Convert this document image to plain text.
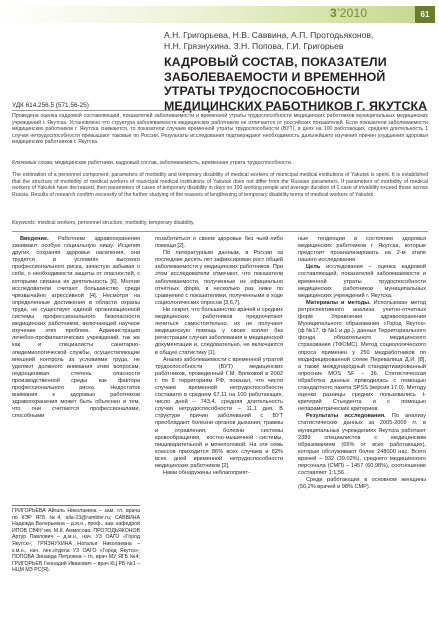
3’2010	61
А.Н. Григорьева, Н.В. Саввина, А.П. Протодьяконов,
Н.Н. Грязнухина, З.Н. Попова, Г.И. Григорьев
КАДРОВЫЙ СОСТАВ, ПОКАЗАТЕЛИ ЗАБОЛЕВАЕМОСТИ И ВРЕМЕННОЙ УТРАТЫ ТРУДОСПОСОБНОСТИ МЕДИЦИНСКИХ РАБОТНИКОВ Г. ЯКУТСКА
УДК 614.256.5 (571.56-25)
Проведена оценка кадровой составляющей, показателей заболеваемости и временной утраты трудоспособности медицинских работников муниципальных медицинских учреждений г. Якутска. Установлено что структура заболеваемости медицинских работников не отличается от российских показателей. Если показатели заболеваемости медицинских работников г. Якутска снижаются, то показатели случаев временной утраты трудоспособности (ВУТ), в днях на 100 работающих, средняя длительность 1 случая нетрудоспособности превышают таковые по России. Результаты исследования подтверждают необходимость дальнейшего изучения причин ухудшения здоровья медицинских работников г. Якутска.
Ключевые слова: медицинские работники, кадровый состав, заболеваемость, временная утрата трудоспособности.
The estimation of a personnel component, parameters of morbidity and temporary disability of medical workers of municipal medical institutions of Yakutsk is spent. It is established that the structure of morbidity of medical workers of municipal medical institutions of Yakutsk does not differ from the Russian parameters. If parameters of morbidity of medical workers of Yakutsk have decreased, then parameters of cases of temporary disability in days on 100 working people and average duration of 1 case of invalidity exceed those across Russia. Results of research confirm necessity of the further studying of the reasons of lengthening of temporary disability terms of medical workers of Yakutsk.
Keywords: medical workers, personnel structure, morbidity, temporary disability.

Введение. Работники здравоохранения занимают особую социальную нишу. Исцеляя других, сохраняя здоровье населения, они трудятся в условиях высокого профессионального риска, зачастую забывая о себе, о необходимости защиты от опасностей, с которыми связана их деятельность [6]. Многие исследователи считают большинство среди чрезвычайно агрессивной [4]. Несмотря на определенные достижения в области охраны труда, не существует единой организационной системы профессионального безопасности медицинских работников, включающей научное изучение этих проблем. Администрация лечебно-профилактических учреждений, так же как и специалисты санитарно-эпидемиологической службы, осуществляющие внешний контроль за условиями труда, не уделяют должного внимания этим вопросам, недооценивая степень опасности производственной среды как фактора профессионального риска. Недостаток внимания к здоровью работников здравоохранения может быть объяснен и тем, что они считаются профессионалами, способными

ГРИГОРЬЕВА Айгаль Николаевна – зам. гл. врача по КЭР ЯГБ №4, alla-23@rambler.ru; САВВИНА Надежда Валерьевна – д.м.н., проф., зав. кафедрой ИПОВ СВФУ им. М.К. Аммосова; ПРОТОДЬЯКОНОВ Артур Павлович – д.м.н., нач. УЗ ОАГО «Город Якутск»; ГРЯЗНУХИНА Наталья Николаевна – к.м.н., нач. лен.отдела УЗ ОАГО «Город Якутск»; ПОПОВА Зинаида Петровна – гл. врач МУ ЯГБ №4; ГРИГОРЬЕВ Геннадий Иванович – врач КЦ РБ №1 – НЦМ МЗ РС(Я).

позаботиться о своем здоровье без чьей-либо помощи [2].

По литературным данным, в России за последние десять лет зафиксирован рост общей заболеваемости у медицинских работников. При этом исследователи отмечают, что показатели заболеваемости, полученные из официально отчётных форм, в несколько раз ниже по сравнению с показателями, полученными в ходе социологических опросов [3,6,7].

Ни секрет, что большинство врачей и средних медицинских работников предпочитают лечиться самостоятельно, их не получают медицинскую помощь у своих коллег без регистрации случая заболевания в медицинской документации и, следовательно, не включаются в общую статистику [1].

Анализ заболеваемости с временной утратой трудоспособности (ВУТ) медицинских работников, проведенный Г.М. Вялковой в 2002 г. по 5 территориям РФ, показал, что число случаев временной нетрудоспособности составило в среднем 67,11 на 100 работающих, число дней – 743,4, средняя длительность случая нетрудоспособности – 11,1 дня. В структуре причин заболеваний с ВУТ преобладают болезни органов дыхания, травмы и отравления, болезни системы кровообращения, костно-мышечной системы, пищеварительной и мочеполовой. На эти семь классов приходится 86% всех случаев и 82% всех дней временной нетрудоспособности медицинских работников [2].

Нами обнаружены неблагоприят-

ные тенденции в состоянии здоровья медицинских работников г. Якутска, которые предстоит проанализировать на 2-м этапе нашего исследования.

Цель исследования – оценка кадровой составляющей, показателей заболеваемости и временной утраты трудоспособности медицинских работников муниципальных медицинских учреждений г. Якутска.

Материалы и методы. Использован метод ретроспективного анализа учетно-отчетных форм Управления здравоохранения Муниципального образования «Город Якутск» (ф №17, ф №1 и др.), данных Территориального фонда обязательного медицинского страхования (ТФОМС). Метод социологического опроса применен у 250 медработников по модифицированной схеме Перевалица Д.И. [8], а также международный стандартизированный опросник MOS SF – 36. Статистическая обработка данных проводилась с помощью стандартного пакета SPSS (версия 17.0). Методу оценки разницы средних пользовались t-критерий Стьюдента и с помощью непараметрических критериев.

Результаты исследования. По анализу статистических данных за 2005-2009 гг. в муниципальных учреждениях Якутска работают 2389 специалистов с медицинским образованием (65% от всех работающих), которые обслуживают более 248000 нас. Всего врачей – 932 (39,02%), среднего медицинского персонала (СМП) – 1457 (60,98%), соотношение составляет 1:1,56.

Среди работающих в основном женщины (56,2% врачей и 98% СМР).
